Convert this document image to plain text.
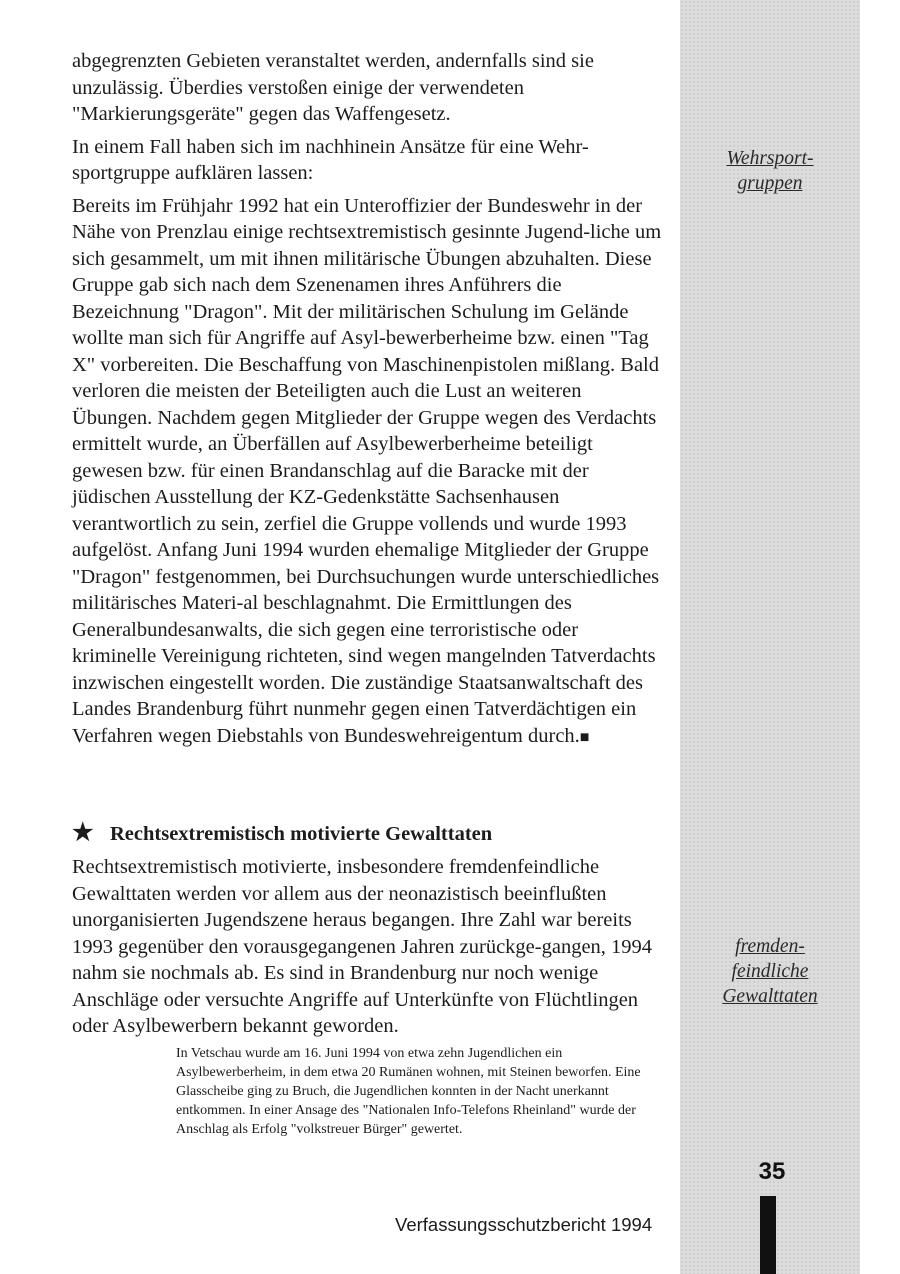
abgegrenzten Gebieten veranstaltet werden, andernfalls sind sie unzulässig. Überdies verstoßen einige der verwendeten "Markierungsgeräte" gegen das Waffengesetz.

In einem Fall haben sich im nachhinein Ansätze für eine Wehr-sportgruppe aufklären lassen:

Bereits im Frühjahr 1992 hat ein Unteroffizier der Bundeswehr in der Nähe von Prenzlau einige rechtsextremistisch gesinnte Jugend-liche um sich gesammelt, um mit ihnen militärische Übungen abzuhalten. Diese Gruppe gab sich nach dem Szenenamen ihres Anführers die Bezeichnung "Dragon". Mit der militärischen Schulung im Gelände wollte man sich für Angriffe auf Asyl-bewerberheime bzw. einen "Tag X" vorbereiten. Die Beschaffung von Maschinenpistolen mißlang. Bald verloren die meisten der Beteiligten auch die Lust an weiteren Übungen. Nachdem gegen Mitglieder der Gruppe wegen des Verdachts ermittelt wurde, an Überfällen auf Asylbewerberheime beteiligt gewesen bzw. für einen Brandanschlag auf die Baracke mit der jüdischen Ausstellung der KZ-Gedenkstätte Sachsenhausen verantwortlich zu sein, zerfiel die Gruppe vollends und wurde 1993 aufgelöst. Anfang Juni 1994 wurden ehemalige Mitglieder der Gruppe "Dragon" festgenommen, bei Durchsuchungen wurde unterschiedliches militärisches Materi-al beschlagnahmt. Die Ermittlungen des Generalbundesanwalts, die sich gegen eine terroristische oder kriminelle Vereinigung richteten, sind wegen mangelnden Tatverdachts inzwischen eingestellt worden. Die zuständige Staatsanwaltschaft des Landes Brandenburg führt nunmehr gegen einen Tatverdächtigen ein Verfahren wegen Diebstahls von Bundeswehreigentum durch.■

★ Rechtsextremistisch motivierte Gewalttaten

Rechtsextremistisch motivierte, insbesondere fremdenfeindliche Gewalttaten werden vor allem aus der neonazistisch beeinflußten unorganisierten Jugendszene heraus begangen. Ihre Zahl war bereits 1993 gegenüber den vorausgegangenen Jahren zurückge-gangen, 1994 nahm sie nochmals ab. Es sind in Brandenburg nur noch wenige Anschläge oder versuchte Angriffe auf Unterkünfte von Flüchtlingen oder Asylbewerbern bekannt geworden.

In Vetschau wurde am 16. Juni 1994 von etwa zehn Jugendlichen ein Asylbewerberheim, in dem etwa 20 Rumänen wohnen, mit Steinen beworfen. Eine Glasscheibe ging zu Bruch, die Jugendlichen konnten in der Nacht unerkannt entkommen. In einer Ansage des "Nationalen Info-Telefons Rheinland" wurde der Anschlag als Erfolg "volkstreuer Bürger" gewertet.

Wehrsport-gruppen
fremden-feindliche Gewalttaten
35
Verfassungsschutzbericht 1994
